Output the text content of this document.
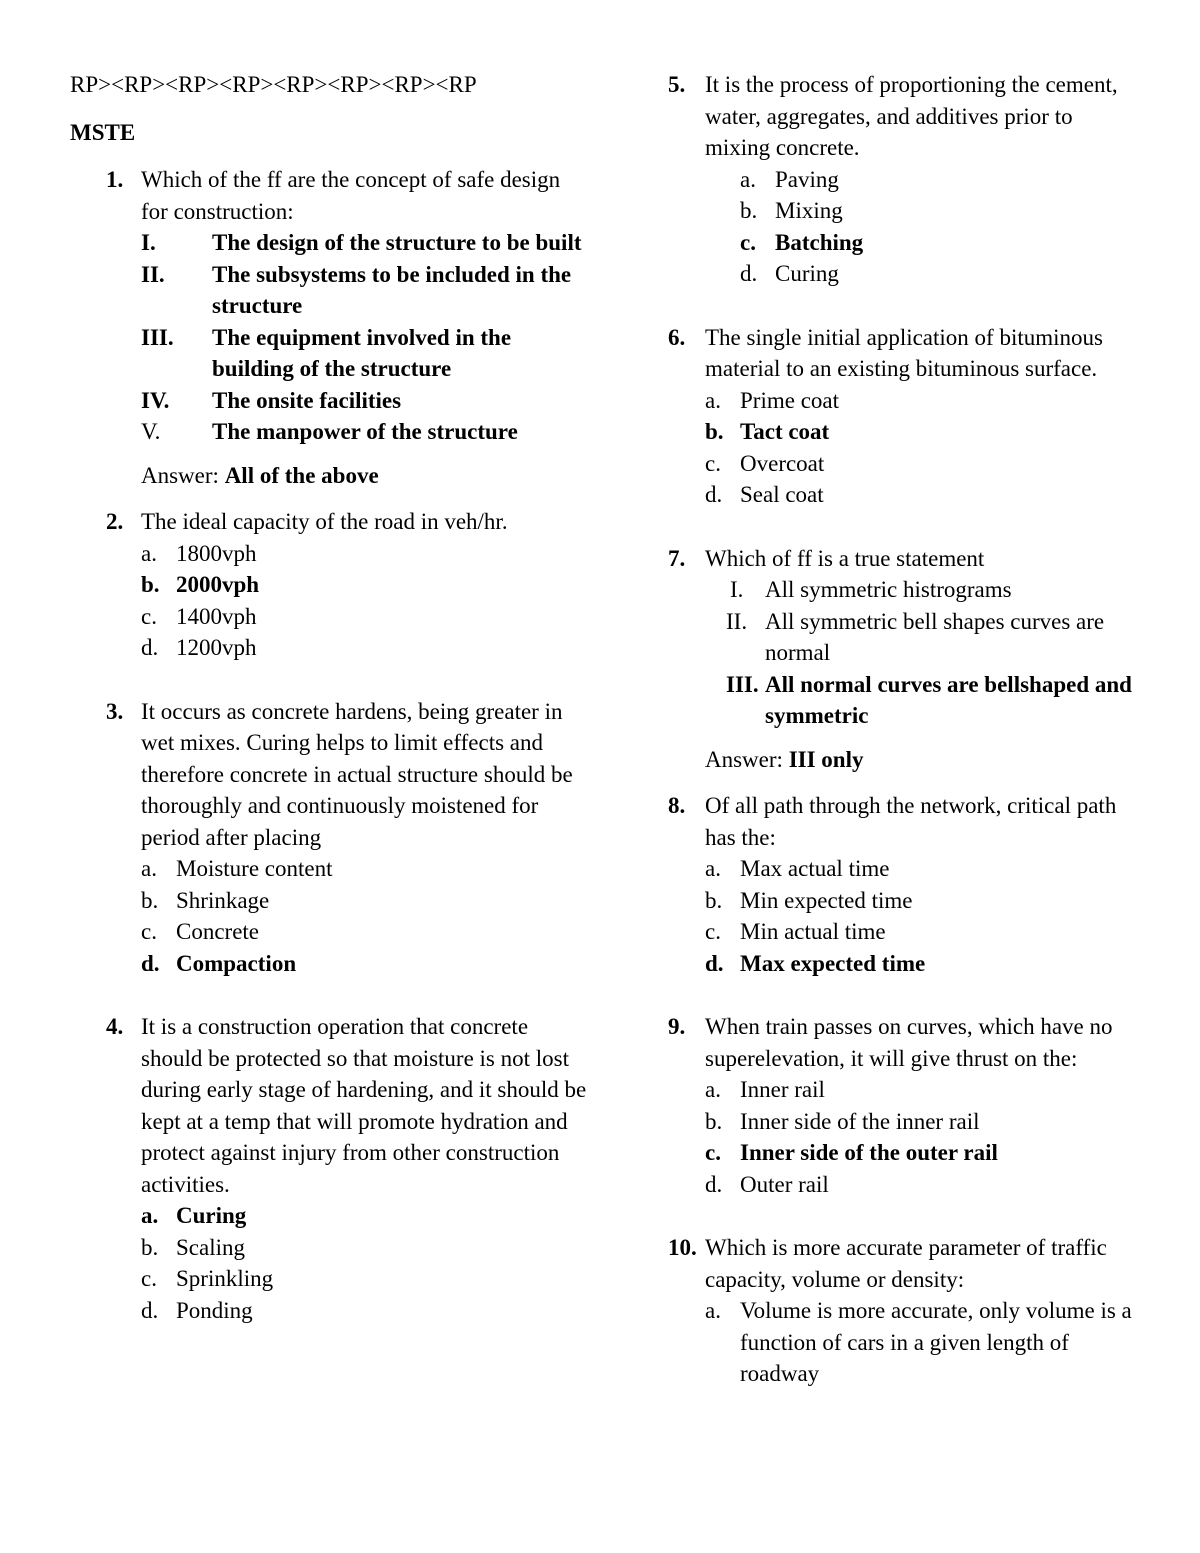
RP><RP><RP><RP><RP><RP><RP><RP
MSTE
1. Which of the ff are the concept of safe design for construction:
I. The design of the structure to be built
II. The subsystems to be included in the structure
III. The equipment involved in the building of the structure
IV. The onsite facilities
V. The manpower of the structure
Answer: All of the above
2. The ideal capacity of the road in veh/hr.
a. 1800vph
b. 2000vph
c. 1400vph
d. 1200vph
3. It occurs as concrete hardens, being greater in wet mixes. Curing helps to limit effects and therefore concrete in actual structure should be thoroughly and continuously moistened for period after placing
a. Moisture content
b. Shrinkage
c. Concrete
d. Compaction
4. It is a construction operation that concrete should be protected so that moisture is not lost during early stage of hardening, and it should be kept at a temp that will promote hydration and protect against injury from other construction activities.
a. Curing
b. Scaling
c. Sprinkling
d. Ponding
5. It is the process of proportioning the cement, water, aggregates, and additives prior to mixing concrete.
a. Paving
b. Mixing
c. Batching
d. Curing
6. The single initial application of bituminous material to an existing bituminous surface.
a. Prime coat
b. Tact coat
c. Overcoat
d. Seal coat
7. Which of ff is a true statement
I. All symmetric histrograms
II. All symmetric bell shapes curves are normal
III. All normal curves are bellshaped and symmetric
Answer: III only
8. Of all path through the network, critical path has the:
a. Max actual time
b. Min expected time
c. Min actual time
d. Max expected time
9. When train passes on curves, which have no superelevation, it will give thrust on the:
a. Inner rail
b. Inner side of the inner rail
c. Inner side of the outer rail
d. Outer rail
10. Which is more accurate parameter of traffic capacity, volume or density:
a. Volume is more accurate, only volume is a function of cars in a given length of roadway
